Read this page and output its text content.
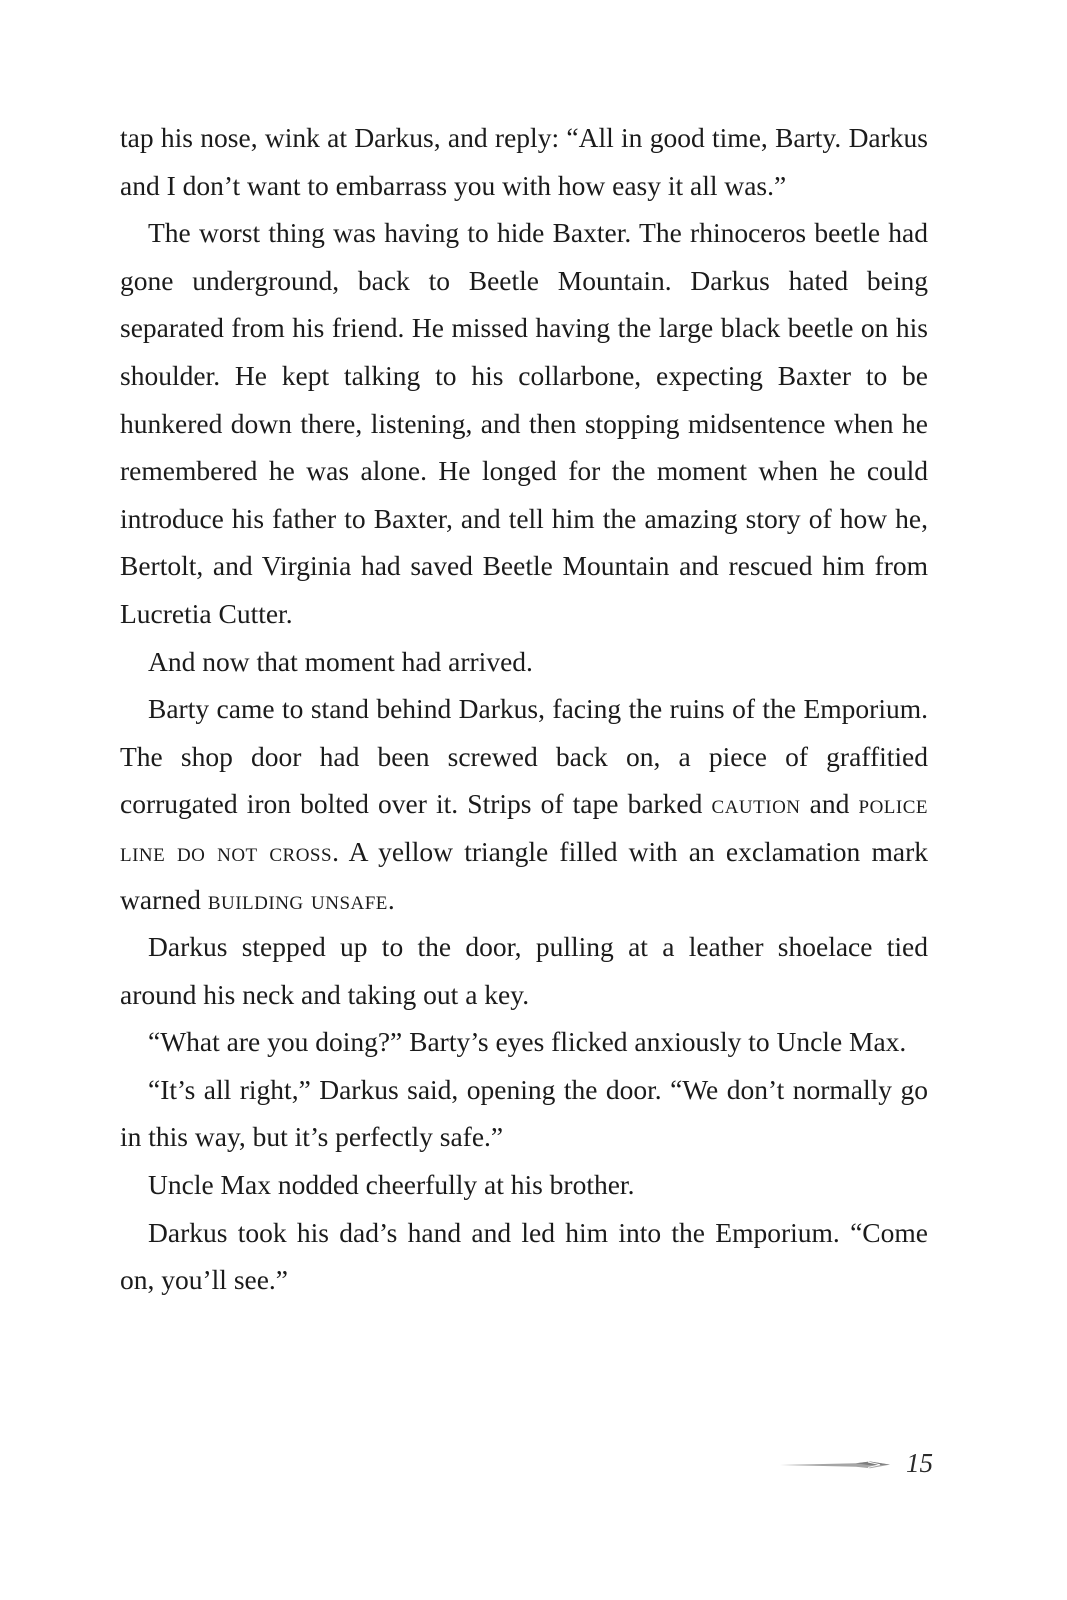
tap his nose, wink at Darkus, and reply: “All in good time, Barty. Darkus and I don’t want to embarrass you with how easy it all was.”

The worst thing was having to hide Baxter. The rhinoceros beetle had gone underground, back to Beetle Mountain. Darkus hated being separated from his friend. He missed having the large black beetle on his shoulder. He kept talking to his collarbone, expecting Baxter to be hunkered down there, listening, and then stopping midsentence when he remembered he was alone. He longed for the moment when he could introduce his father to Baxter, and tell him the amazing story of how he, Bertolt, and Virginia had saved Beetle Mountain and rescued him from Lucretia Cutter.

And now that moment had arrived.

Barty came to stand behind Darkus, facing the ruins of the Emporium. The shop door had been screwed back on, a piece of graffitied corrugated iron bolted over it. Strips of tape barked caution and police line do not cross. A yellow triangle filled with an exclamation mark warned building unsafe.

Darkus stepped up to the door, pulling at a leather shoelace tied around his neck and taking out a key.

“What are you doing?” Barty’s eyes flicked anxiously to Uncle Max.

“It’s all right,” Darkus said, opening the door. “We don’t normally go in this way, but it’s perfectly safe.”

Uncle Max nodded cheerfully at his brother.

Darkus took his dad’s hand and led him into the Emporium. “Come on, you’ll see.”

15
